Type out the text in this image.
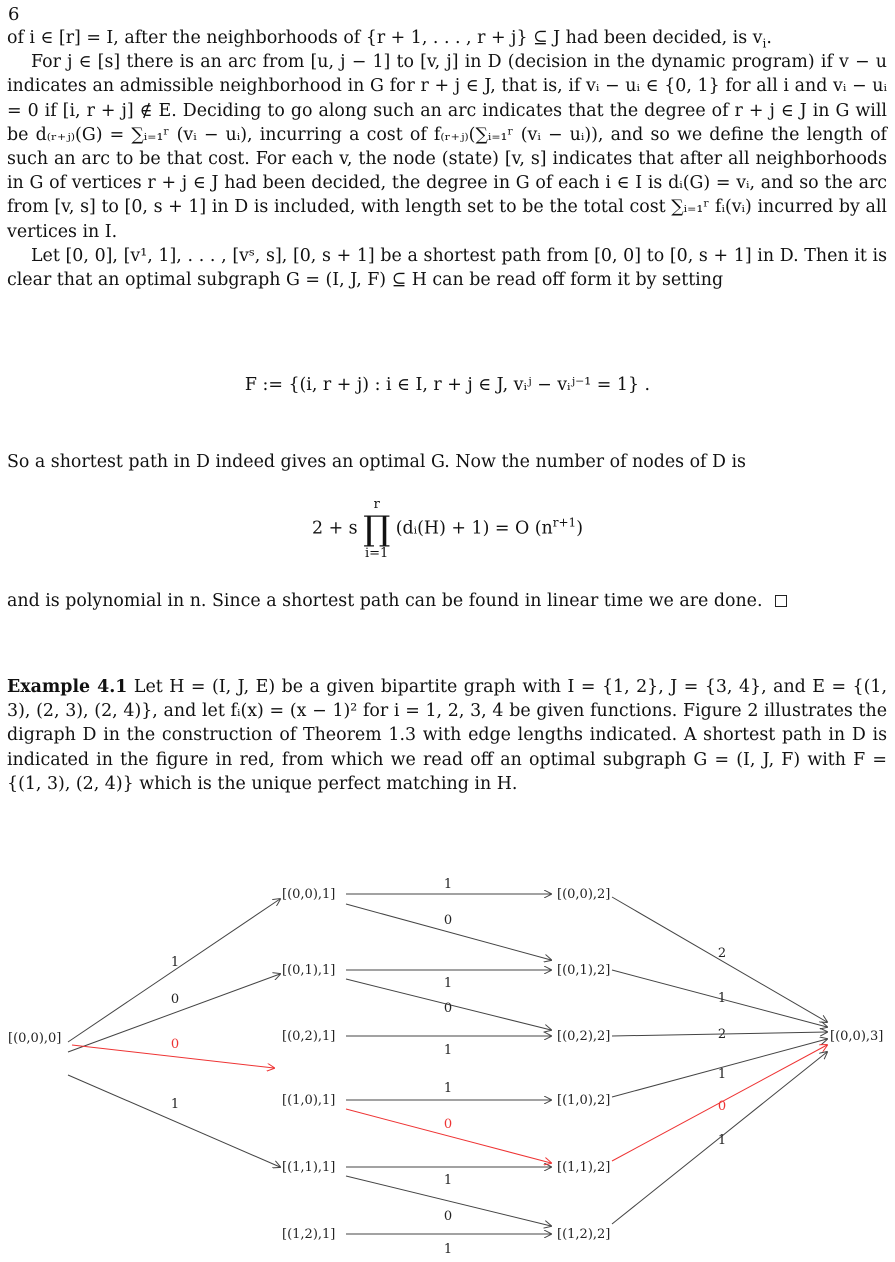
6

of i ∈ [r] = I, after the neighborhoods of {r + 1, . . . , r + j} ⊆ J had been decided, is $v_i$.

For j ∈ [s] there is an arc from [u, j − 1] to [v, j] in D (decision in the dynamic program) if v − u indicates an admissible neighborhood in G for r + j ∈ J, that is, if vᵢ − uᵢ ∈ {0, 1} for all i and vᵢ − uᵢ = 0 if [i, r + j] ∉ E. Deciding to go along such an arc indicates that the degree of r + j ∈ J in G will be d₍ᵣ₊ⱼ₎(G) = ∑ᵢ₌₁ʳ (vᵢ − uᵢ), incurring a cost of f₍ᵣ₊ⱼ₎(∑ᵢ₌₁ʳ (vᵢ − uᵢ)), and so we define the length of such an arc to be that cost. For each v, the node (state) [v, s] indicates that after all neighborhoods in G of vertices r + j ∈ J had been decided, the degree in G of each i ∈ I is dᵢ(G) = vᵢ, and so the arc from [v, s] to [0, s + 1] in D is included, with length set to be the total cost ∑ᵢ₌₁ʳ fᵢ(vᵢ) incurred by all vertices in I.

Let [0, 0], [v¹, 1], . . . , [vˢ, s], [0, s + 1] be a shortest path from [0, 0] to [0, s + 1] in D. Then it is clear that an optimal subgraph G = (I, J, F) ⊆ H can be read off form it by setting

F := {(i, r + j) : i ∈ I, r + j ∈ J, vᵢʲ − vᵢʲ⁻¹ = 1} .
So a shortest path in D indeed gives an optimal G. Now the number of nodes of D is
2 + s
r
∏
i=1
(dᵢ(H) + 1) = O $(n^{r+1})$
and is polynomial in n. Since a shortest path can be found in linear time we are done.
Example 4.1 Let H = (I, J, E) be a given bipartite graph with I = {1, 2}, J = {3, 4}, and E = {(1, 3), (2, 3), (2, 4)}, and let fᵢ(x) = (x − 1)² for i = 1, 2, 3, 4 be given functions. Figure 2 illustrates the digraph D in the construction of Theorem 1.3 with edge lengths indicated. A shortest path in D is indicated in the figure in red, from which we read off an optimal subgraph G = (I, J, F) with F = {(1, 3), (2, 4)} which is the unique perfect matching in H.
[(0,0),0]
[(0,0),1]
[(0,1),1]
[(0,2),1]
[(1,0),1]
[(1,1),1]
[(1,2),1]
[(0,0),2]
[(0,1),2]
[(0,2),2]
[(1,0),2]
[(1,1),2]
[(1,2),2]
[(0,0),3]
1
0
0
1
1
0
1
0
1
1
0
1
0
1
2
1
2
1
0
1
